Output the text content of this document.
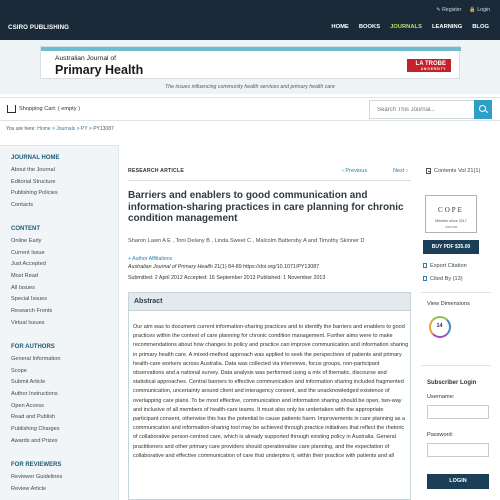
✎ Register 🔒 Login
CSIRO PUBLISHING	HOME BOOKS JOURNALS LEARNING BLOG
Australian Journal of
Primary Health	LA TROBE
UNIVERSITY
The issues influencing community health services and primary health care
Shopping Cart: ( empty )
Search This Journal...
You are here: Home > Journals > PY > PY13087
JOURNAL HOME
About the Journal
Editorial Structure
Publishing Policies
Contacts
CONTENT
Online Early
Current Issue
Just Accepted
Most Read
All Issues
Special Issues
Research Fronts
Virtual Issues
FOR AUTHORS
General Information
Scope
Submit Article
Author Instructions
Open Access
Read and Publish
Publishing Charges
Awards and Prizes
FOR REVIEWERS
Reviewer Guidelines
Review Article
RESEARCH ARTICLE	‹ Previous	Next ›
Barriers and enablers to good communication and information-sharing practices in care planning for chronic condition management
Sharon Lawn A E , Toni Delany B , Linda Sweet C , Malcolm Battersby A and Timothy Skinner D
+ Author Affiliations
Australian Journal of Primary Health 21(1) 84-89 https://doi.org/10.1071/PY13087
Submitted: 2 April 2012 Accepted: 16 September 2013 Published: 1 November 2013
Abstract
Our aim was to document current information-sharing practices and to identify the barriers and enablers to good practices within the context of care planning for chronic condition management. Further aims were to make recommendations about how changes to policy and practice can improve communication and information sharing in primary health care. A mixed-method approach was applied to seek the perspectives of patients and primary health-care workers across Australia. Data was collected via interviews, focus groups, non-participant observations and a national survey. Data analysis was performed using a mix of thematic, discourse and statistical approaches. Central barriers to effective communication and information sharing included fragmented communication, uncertainty around client and interagency consent, and the unacknowledged existence of overlapping care plans. To be most effective, communication and information sharing should be open, two-way and inclusive of all members of health-care teams. It must also only be undertaken with the appropriate participant consent, otherwise this has the potential to cause patients harm. Improvements in care planning as a communication and information-sharing tool may be achieved through practice initiatives that reflect the rhetoric of collaborative person-centred care, which is already supported through existing policy in Australia. General practitioners and other primary care providers should operationalise care planning, and the expectation of collaborative and effective communication of care that underpins it, within their practice with patients and all
Contents Vol 21(1)
COPE
Member since 2017
JM12208
BUY PDF $35.00
Export Citation
Cited By (13)
View Dimensions
14
Subscriber Login
Username:
Password:
LOGIN
